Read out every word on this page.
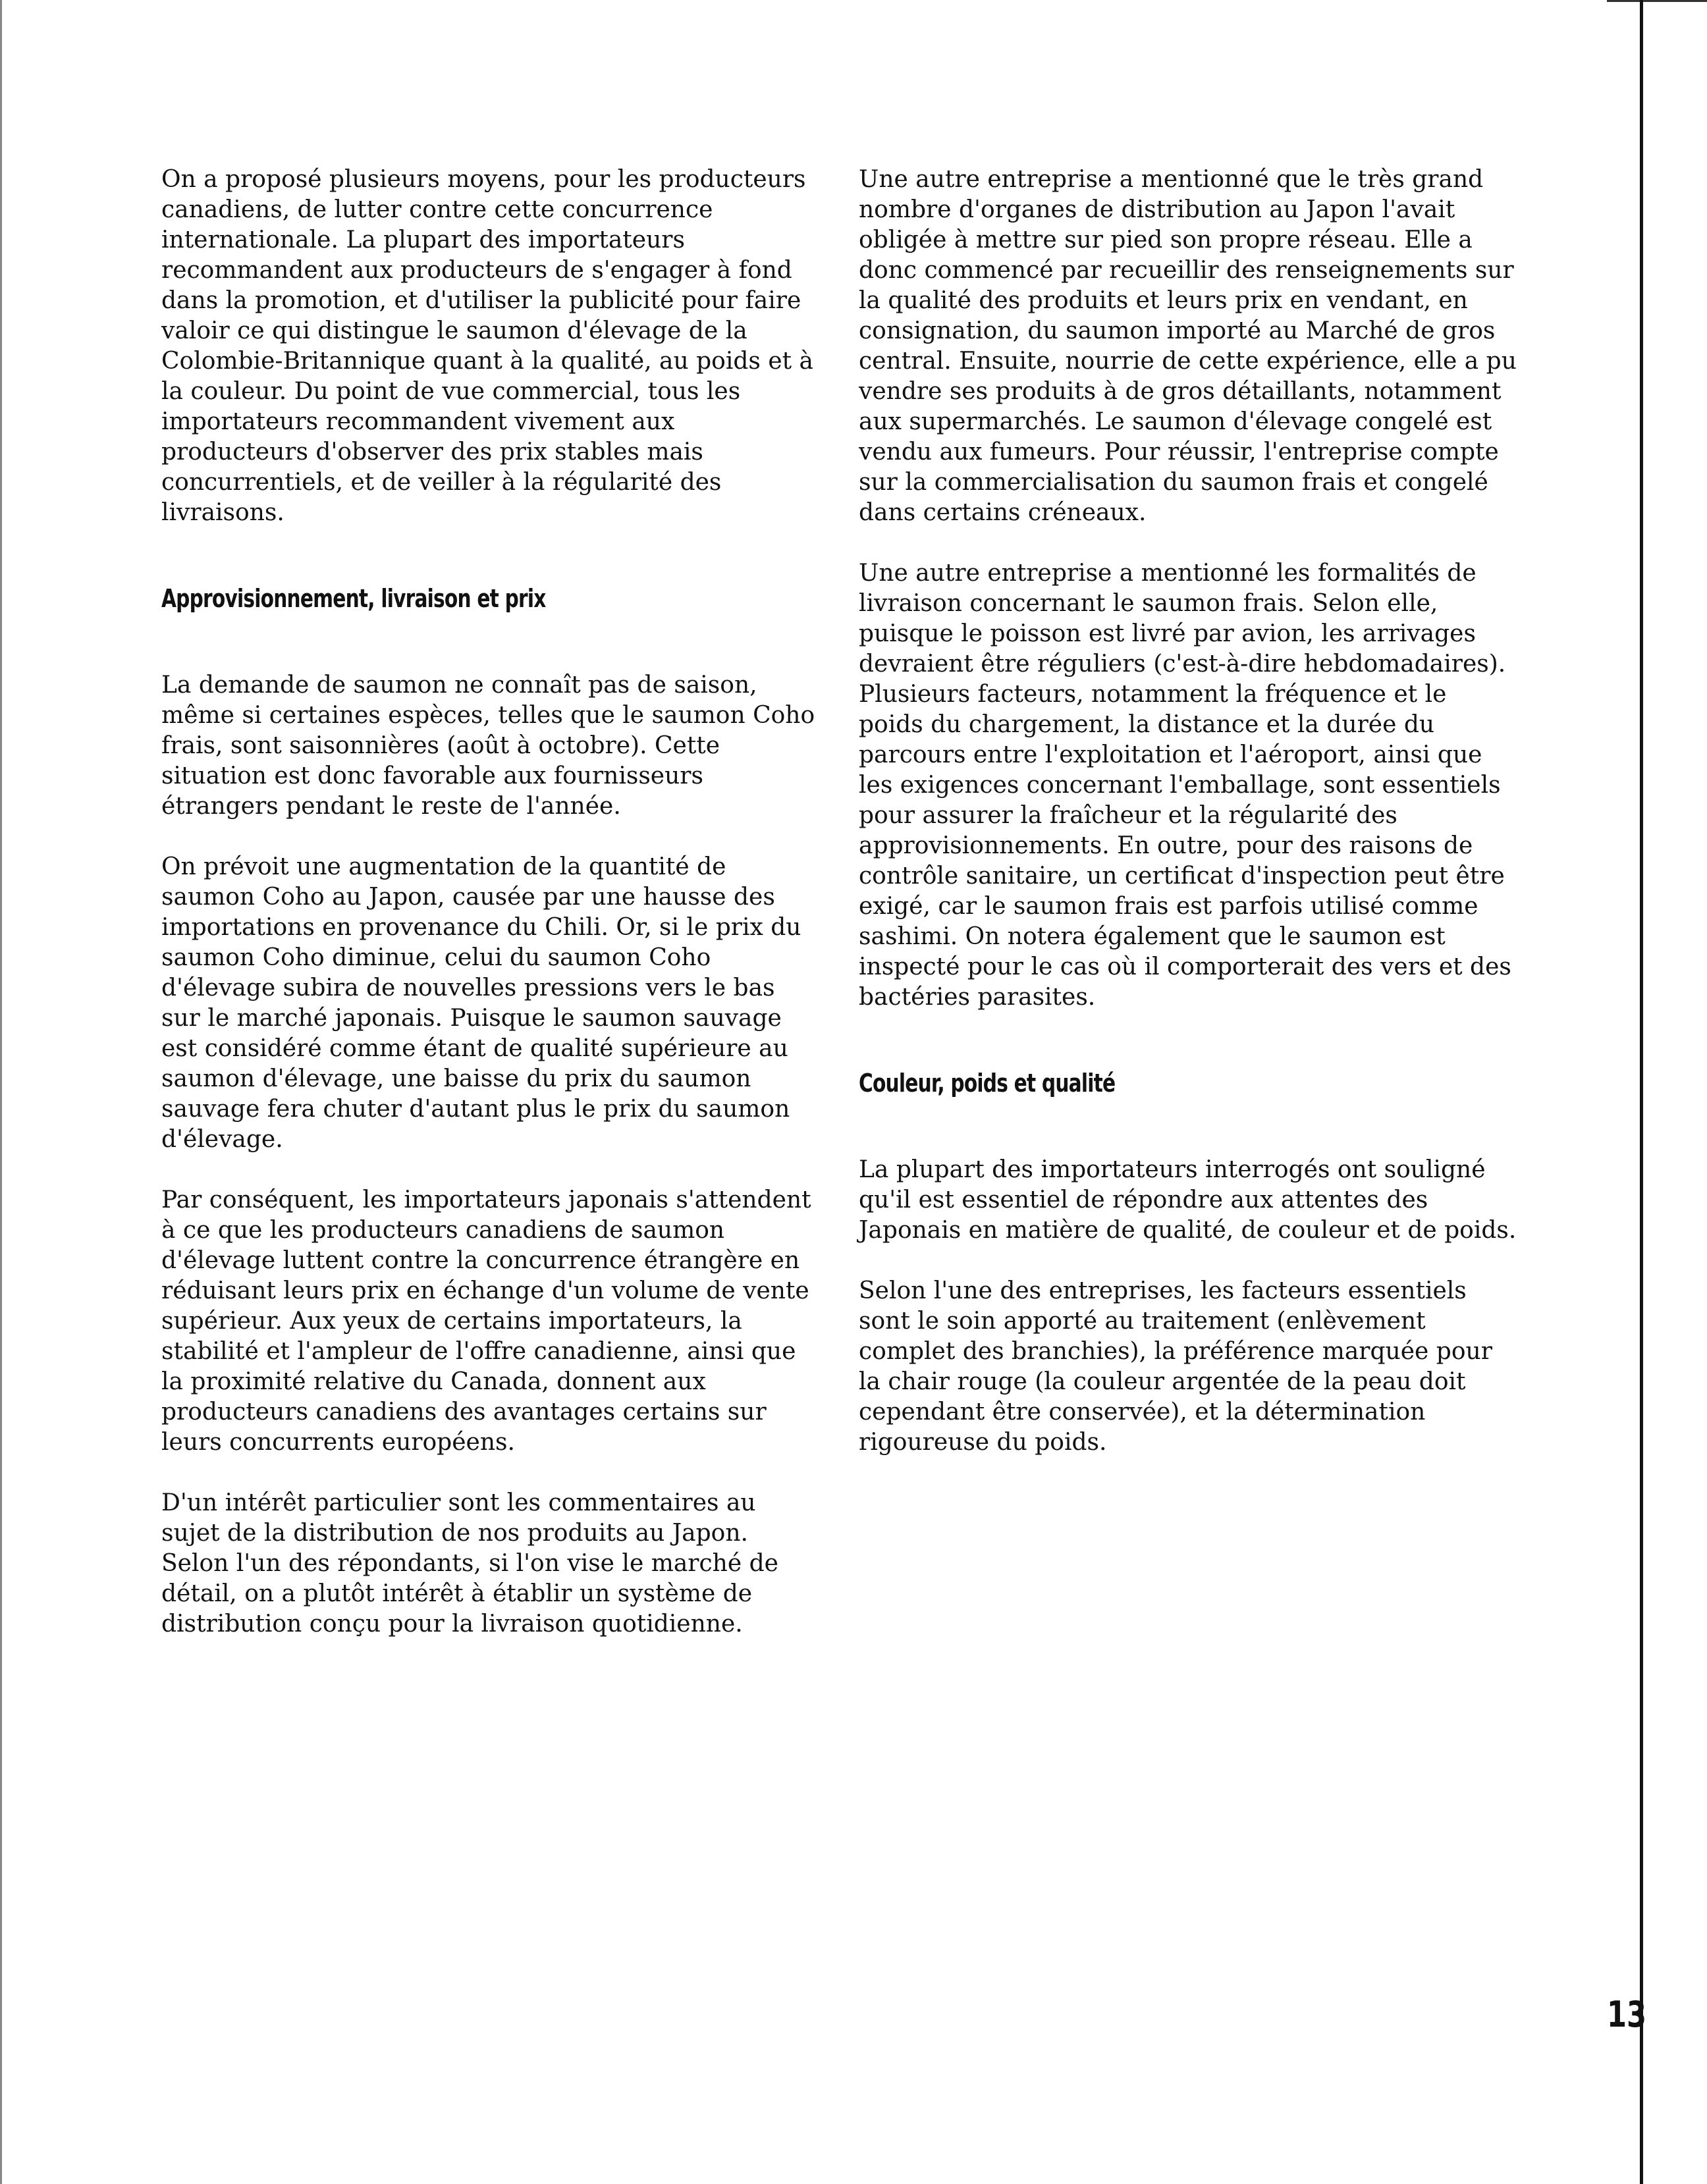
On a proposé plusieurs moyens, pour les producteurs canadiens, de lutter contre cette concurrence internationale. La plupart des importateurs recommandent aux producteurs de s'engager à fond dans la promotion, et d'utiliser la publicité pour faire valoir ce qui distingue le saumon d'élevage de la Colombie-Britannique quant à la qualité, au poids et à la couleur. Du point de vue commercial, tous les importateurs recommandent vivement aux producteurs d'observer des prix stables mais concurrentiels, et de veiller à la régularité des livraisons.

Approvisionnement, livraison et prix

La demande de saumon ne connaît pas de saison, même si certaines espèces, telles que le saumon Coho frais, sont saisonnières (août à octobre). Cette situation est donc favorable aux fournisseurs étrangers pendant le reste de l'année.

On prévoit une augmentation de la quantité de saumon Coho au Japon, causée par une hausse des importations en provenance du Chili. Or, si le prix du saumon Coho diminue, celui du saumon Coho d'élevage subira de nouvelles pressions vers le bas sur le marché japonais. Puisque le saumon sauvage est considéré comme étant de qualité supérieure au saumon d'élevage, une baisse du prix du saumon sauvage fera chuter d'autant plus le prix du saumon d'élevage.

Par conséquent, les importateurs japonais s'attendent à ce que les producteurs canadiens de saumon d'élevage luttent contre la concurrence étrangère en réduisant leurs prix en échange d'un volume de vente supérieur. Aux yeux de certains importateurs, la stabilité et l'ampleur de l'offre canadienne, ainsi que la proximité relative du Canada, donnent aux producteurs canadiens des avantages certains sur leurs concurrents européens.

D'un intérêt particulier sont les commentaires au sujet de la distribution de nos produits au Japon. Selon l'un des répondants, si l'on vise le marché de détail, on a plutôt intérêt à établir un système de distribution conçu pour la livraison quotidienne.

Une autre entreprise a mentionné que le très grand nombre d'organes de distribution au Japon l'avait obligée à mettre sur pied son propre réseau. Elle a donc commencé par recueillir des renseignements sur la qualité des produits et leurs prix en vendant, en consignation, du saumon importé au Marché de gros central. Ensuite, nourrie de cette expérience, elle a pu vendre ses produits à de gros détaillants, notamment aux supermarchés. Le saumon d'élevage congelé est vendu aux fumeurs. Pour réussir, l'entreprise compte sur la commercialisation du saumon frais et congelé dans certains créneaux.

Une autre entreprise a mentionné les formalités de livraison concernant le saumon frais. Selon elle, puisque le poisson est livré par avion, les arrivages devraient être réguliers (c'est-à-dire hebdomadaires). Plusieurs facteurs, notamment la fréquence et le poids du chargement, la distance et la durée du parcours entre l'exploitation et l'aéroport, ainsi que les exigences concernant l'emballage, sont essentiels pour assurer la fraîcheur et la régularité des approvisionnements. En outre, pour des raisons de contrôle sanitaire, un certificat d'inspection peut être exigé, car le saumon frais est parfois utilisé comme sashimi. On notera également que le saumon est inspecté pour le cas où il comporterait des vers et des bactéries parasites.

Couleur, poids et qualité

La plupart des importateurs interrogés ont souligné qu'il est essentiel de répondre aux attentes des Japonais en matière de qualité, de couleur et de poids.

Selon l'une des entreprises, les facteurs essentiels sont le soin apporté au traitement (enlèvement complet des branchies), la préférence marquée pour la chair rouge (la couleur argentée de la peau doit cependant être conservée), et la détermination rigoureuse du poids.

13
